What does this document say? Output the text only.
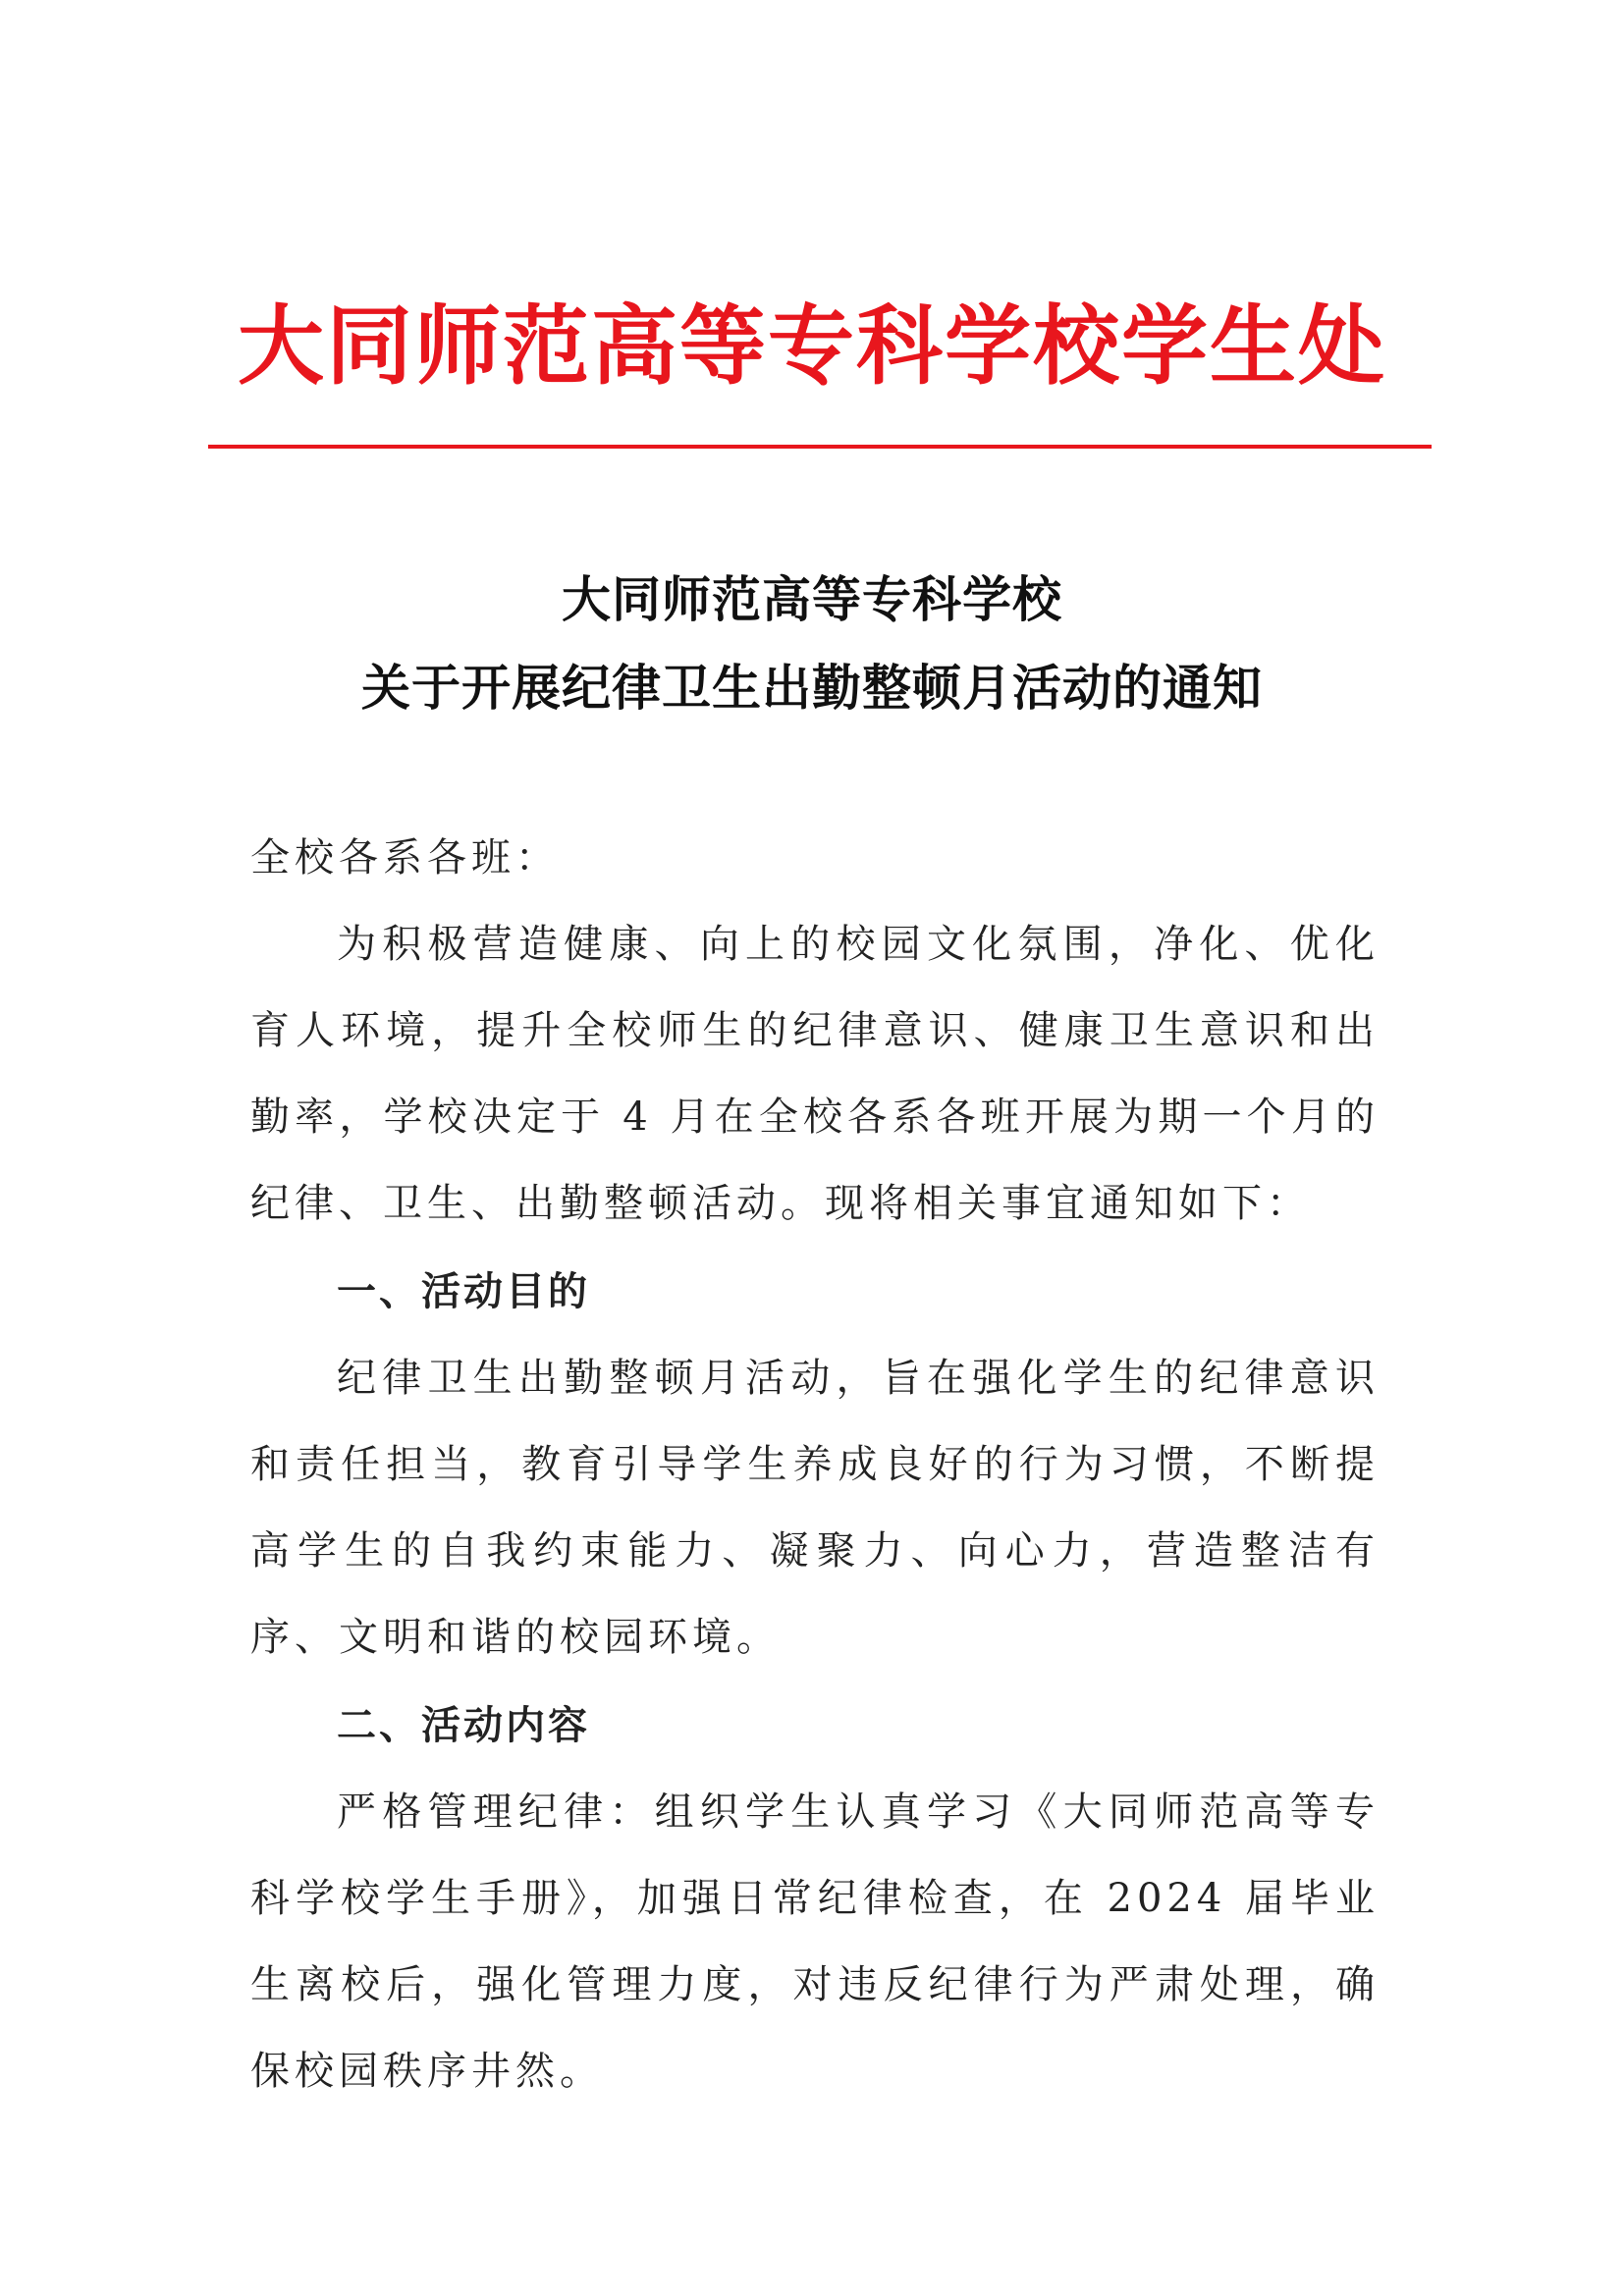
大同师范高等专科学校学生处
大同师范高等专科学校
关于开展纪律卫生出勤整顿月活动的通知

全校各系各班：

为积极营造健康、向上的校园文化氛围，净化、优化育人环境，提升全校师生的纪律意识、健康卫生意识和出勤率，学校决定于 4 月在全校各系各班开展为期一个月的纪律、卫生、出勤整顿活动。现将相关事宜通知如下：

一、活动目的

纪律卫生出勤整顿月活动，旨在强化学生的纪律意识和责任担当，教育引导学生养成良好的行为习惯，不断提高学生的自我约束能力、凝聚力、向心力，营造整洁有序、文明和谐的校园环境。

二、活动内容

严格管理纪律：组织学生认真学习《大同师范高等专科学校学生手册》，加强日常纪律检查，在 2024 届毕业生离校后，强化管理力度，对违反纪律行为严肃处理，确保校园秩序井然。
